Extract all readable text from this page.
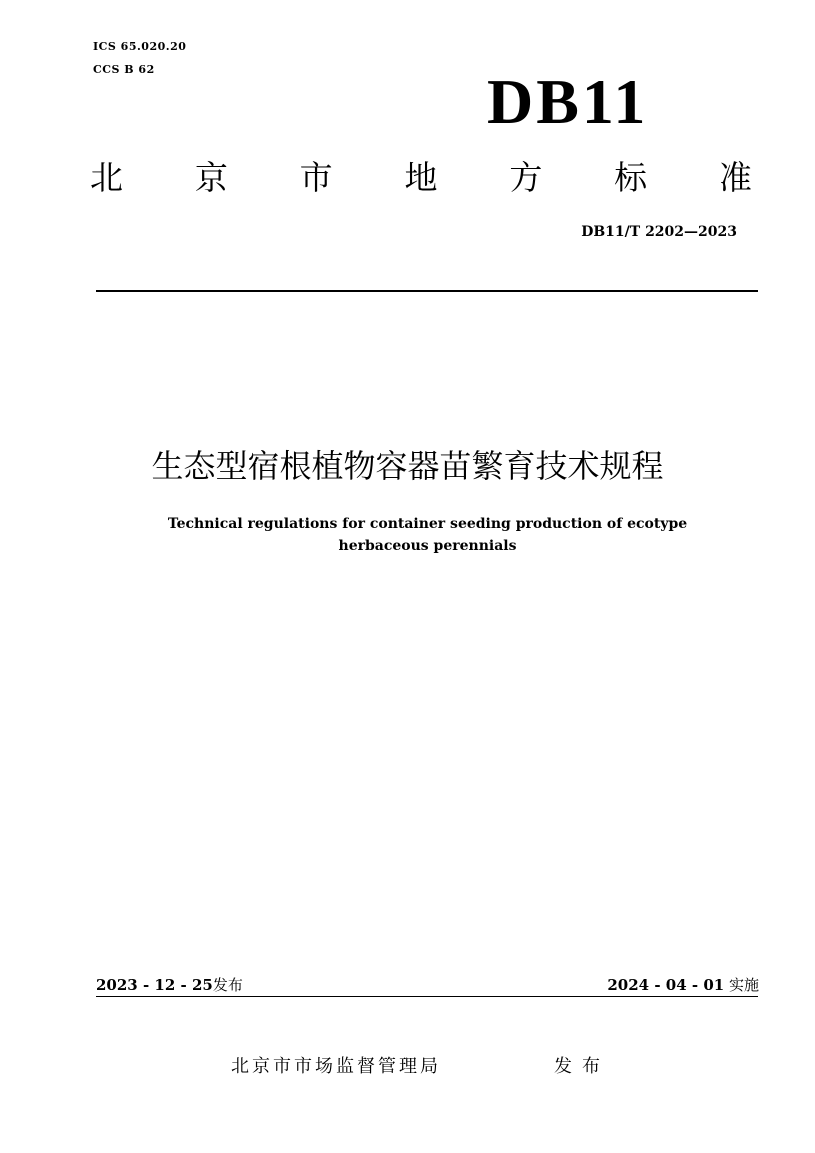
ICS 65.020.20
CCS B 62	DB11
北 京 市 地 方 标 准
DB11/T 2202—2023
生态型宿根植物容器苗繁育技术规程
Technical regulations for container seeding production of ecotype
herbaceous perennials
2023 - 12 - 25发布	2024 - 04 - 01 实施
北京市市场监督管理局	发布
